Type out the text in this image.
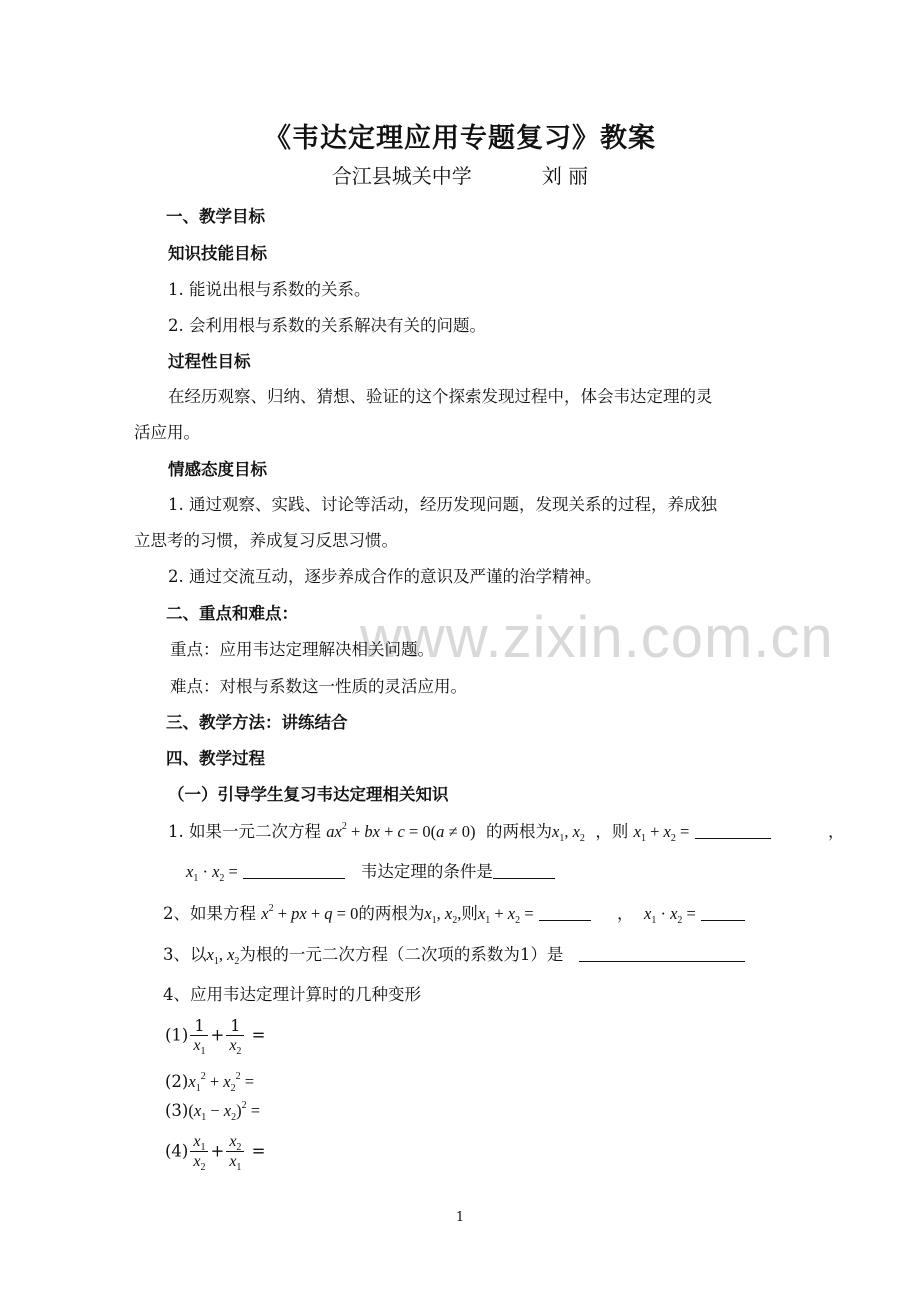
www.zixin.com.cn
《韦达定理应用专题复习》教案
合江县城关中学	刘 丽
一、教学目标
知识技能目标
1. 能说出根与系数的关系。
2. 会利用根与系数的关系解决有关的问题。
过程性目标
在经历观察、归纳、猜想、验证的这个探索发现过程中，体会韦达定理的灵
活应用。
情感态度目标
1. 通过观察、实践、讨论等活动，经历发现问题，发现关系的过程，养成独
立思考的习惯，养成复习反思习惯。
2. 通过交流互动，逐步养成合作的意识及严谨的治学精神。
二、重点和难点：
重点：应用韦达定理解决相关问题。
难点：对根与系数这一性质的灵活应用。
三、教学方法：讲练结合
四、教学过程
（一）引导学生复习韦达定理相关知识
1. 如果一元二次方程 $ax^2$ + bx + c = 0(a ≠ 0) 的两根为$x_1$, $x_2$ ，则 $x_1 + x_2$ =	，
$x_1 \cdot x_2$ =	韦达定理的条件是
2、如果方程 $x^2$ + px + q = 0的两根为$x_1$, $x_2$,则$x_1 + x_2$ =	， $x_1 \cdot x_2$ =
3、以$x_1$, $x_2$为根的一元二次方程（二次项的系数为1）是
4、应用韦达定理计算时的几种变形
$(1) \frac{1}{x_1} + \frac{1}{x_2}$ =
$(2)x_1^2 + x_2^2$ =
$(3)(x_1 - x_2)^2$ =
$(4) \frac{x_1}{x_2} + \frac{x_2}{x_1}$ =
1
